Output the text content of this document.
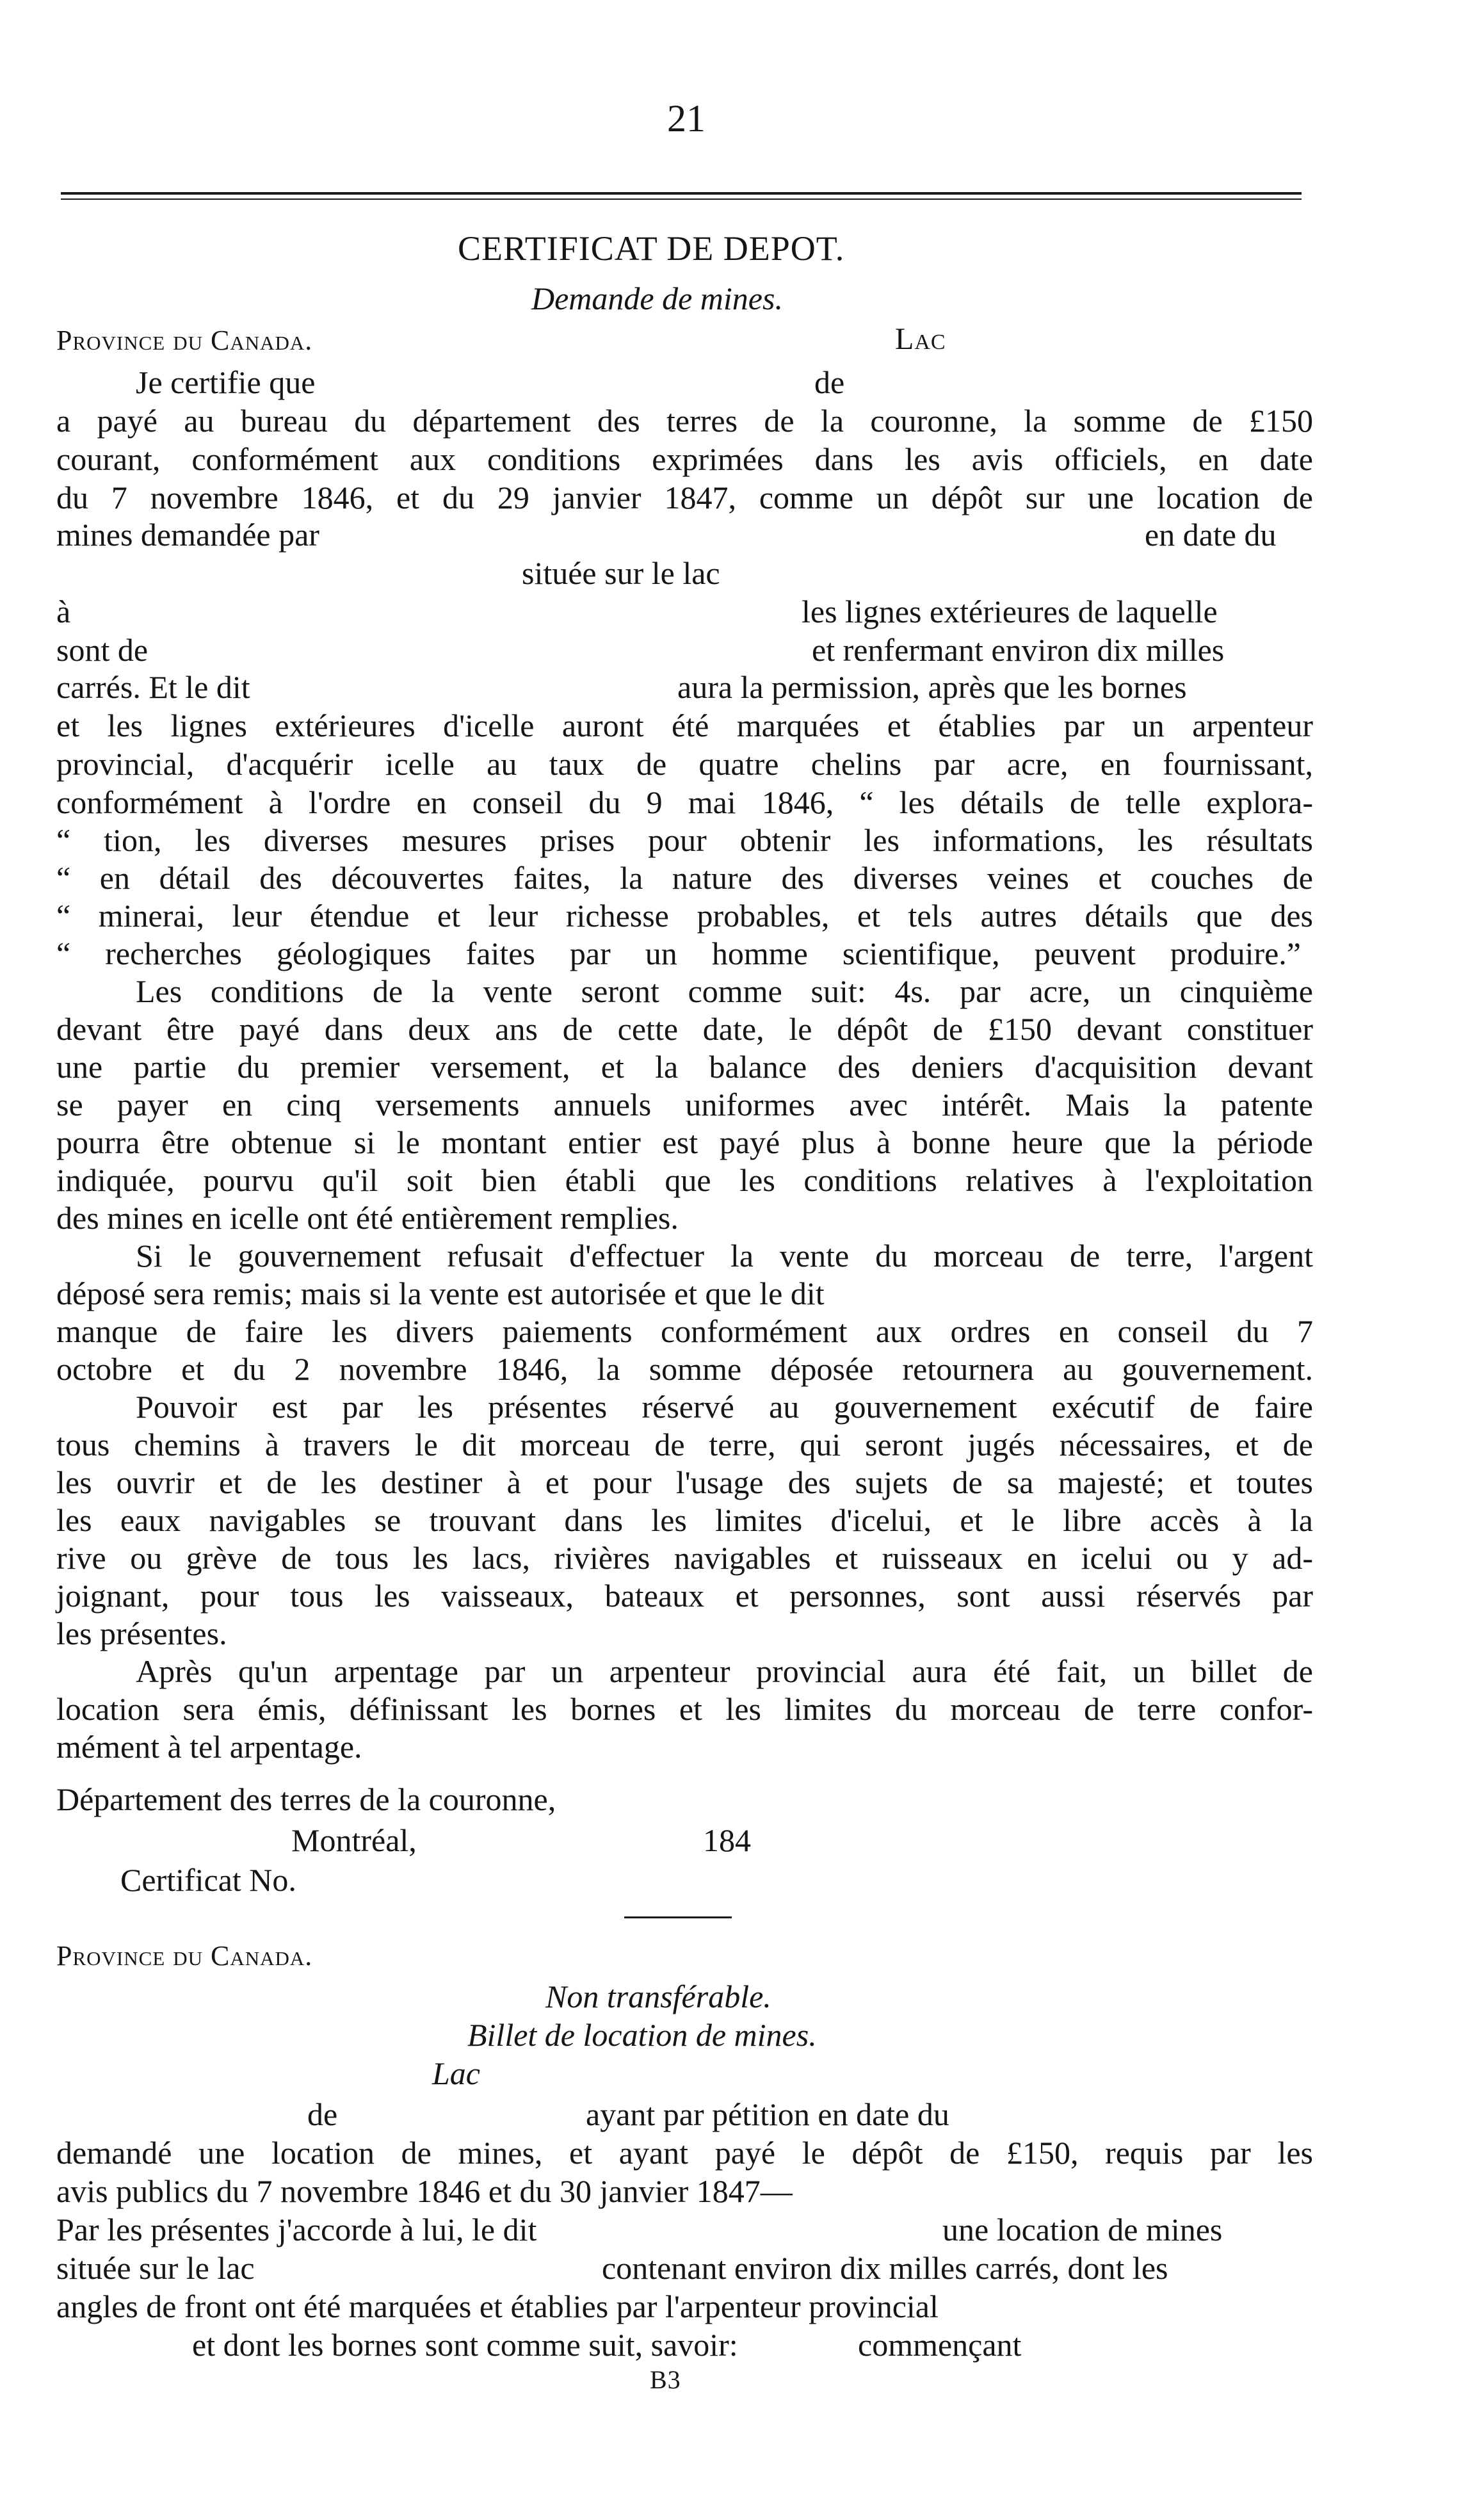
21
CERTIFICAT DE DEPOT.
Demande de mines.
Province du Canada.	Lac
Je certifie que	de
a payé au bureau du département des terres de la couronne, la somme de £150
courant, conformément aux conditions exprimées dans les avis officiels, en date
du 7 novembre 1846, et du 29 janvier 1847, comme un dépôt sur une location de
mines demandée par	en date du
située sur le lac
à	les lignes extérieures de laquelle
sont de	et renfermant environ dix milles
carrés. Et le dit	aura la permission, après que les bornes
et les lignes extérieures d'icelle auront été marquées et établies par un arpenteur
provincial, d'acquérir icelle au taux de quatre chelins par acre, en fournissant,
conformément à l'ordre en conseil du 9 mai 1846, “ les détails de telle explora-
“ tion, les diverses mesures prises pour obtenir les informations, les résultats
“ en détail des découvertes faites, la nature des diverses veines et couches de
“ minerai, leur étendue et leur richesse probables, et tels autres détails que des
“ recherches géologiques faites par un homme scientifique, peuvent produire.”
Les conditions de la vente seront comme suit: 4s. par acre, un cinquième
devant être payé dans deux ans de cette date, le dépôt de £150 devant constituer
une partie du premier versement, et la balance des deniers d'acquisition devant
se payer en cinq versements annuels uniformes avec intérêt. Mais la patente
pourra être obtenue si le montant entier est payé plus à bonne heure que la période
indiquée, pourvu qu'il soit bien établi que les conditions relatives à l'exploitation
des mines en icelle ont été entièrement remplies.
Si le gouvernement refusait d'effectuer la vente du morceau de terre, l'argent
déposé sera remis; mais si la vente est autorisée et que le dit
manque de faire les divers paiements conformément aux ordres en conseil du 7
octobre et du 2 novembre 1846, la somme déposée retournera au gouvernement.
Pouvoir est par les présentes réservé au gouvernement exécutif de faire
tous chemins à travers le dit morceau de terre, qui seront jugés nécessaires, et de
les ouvrir et de les destiner à et pour l'usage des sujets de sa majesté; et toutes
les eaux navigables se trouvant dans les limites d'icelui, et le libre accès à la
rive ou grève de tous les lacs, rivières navigables et ruisseaux en icelui ou y ad-
joignant, pour tous les vaisseaux, bateaux et personnes, sont aussi réservés par
les présentes.
Après qu'un arpentage par un arpenteur provincial aura été fait, un billet de
location sera émis, définissant les bornes et les limites du morceau de terre confor-
mément à tel arpentage.
Département des terres de la couronne,
Montréal,	184
Certificat No.
Province du Canada.
Non transférable.
Billet de location de mines.
Lac
de	ayant par pétition en date du
demandé une location de mines, et ayant payé le dépôt de £150, requis par les
avis publics du 7 novembre 1846 et du 30 janvier 1847—
Par les présentes j'accorde à lui, le dit	une location de mines
située sur le lac	contenant environ dix milles carrés, dont les
angles de front ont été marquées et établies par l'arpenteur provincial
et dont les bornes sont comme suit, savoir:	commençant
B3
